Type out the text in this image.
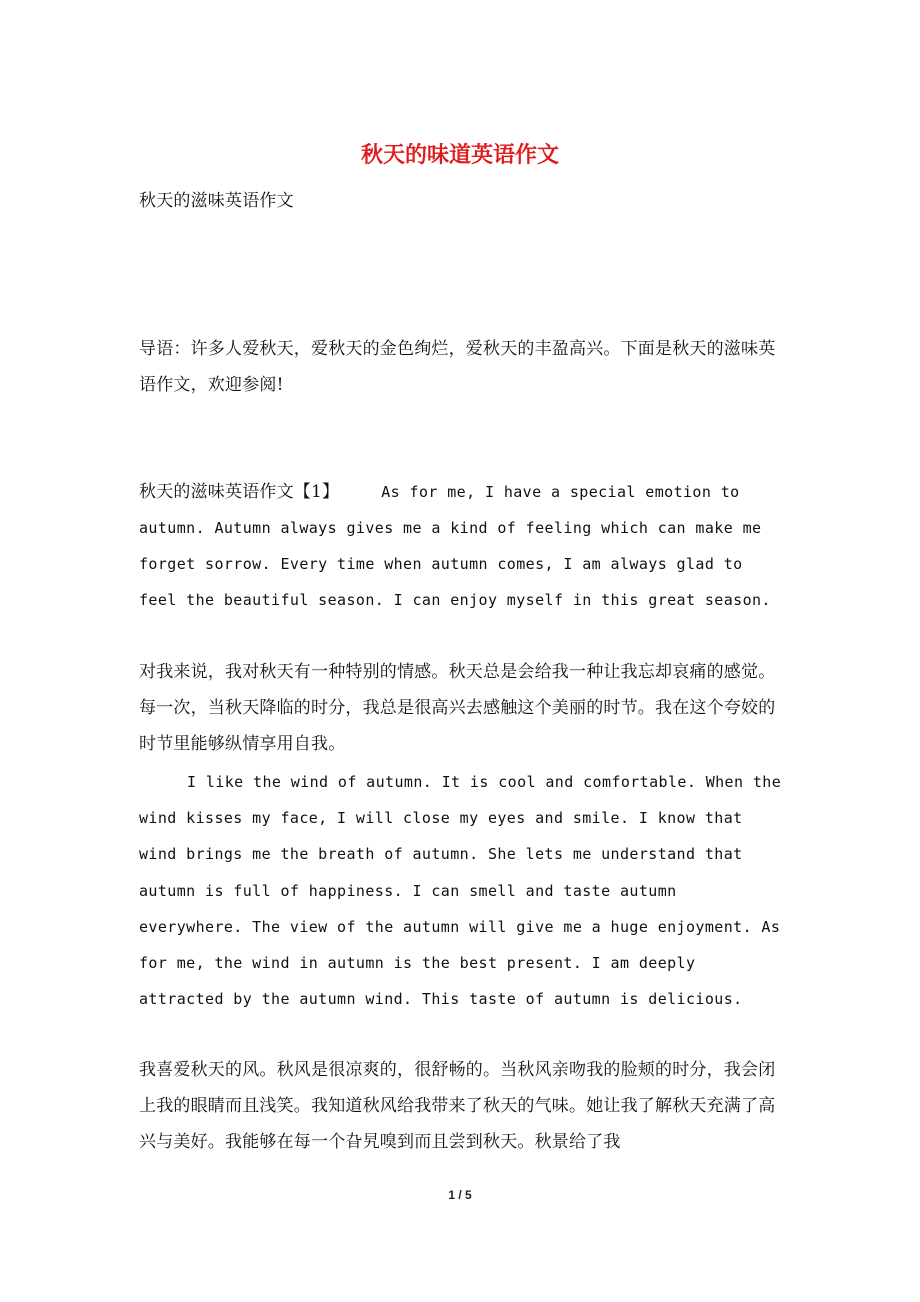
秋天的味道英语作文
秋天的滋味英语作文
导语：许多人爱秋天，爱秋天的金色绚烂，爱秋天的丰盈高兴。下面是秋天的滋味英语作文，欢迎参阅!
秋天的滋味英语作文【1】	As for me, I have a special emotion to autumn. Autumn always gives me a kind of feeling which can make me forget sorrow. Every time when autumn comes, I am always glad to feel the beautiful season. I can enjoy myself in this great season.
对我来说，我对秋天有一种特别的情感。秋天总是会给我一种让我忘却哀痛的感觉。每一次，当秋天降临的时分，我总是很高兴去感触这个美丽的时节。我在这个夸姣的时节里能够纵情享用自我。
I like the wind of autumn. It is cool and comfortable. When the wind kisses my face, I will close my eyes and smile. I know that wind brings me the breath of autumn. She lets me understand that autumn is full of happiness. I can smell and taste autumn everywhere. The view of the autumn will give me a huge enjoyment. As for me, the wind in autumn is the best present. I am deeply attracted by the autumn wind. This taste of autumn is delicious.
我喜爱秋天的风。秋风是很凉爽的，很舒畅的。当秋风亲吻我的脸颊的时分，我会闭上我的眼睛而且浅笑。我知道秋风给我带来了秋天的气味。她让我了解秋天充满了高兴与美好。我能够在每一个旮旯嗅到而且尝到秋天。秋景给了我
1 / 5
